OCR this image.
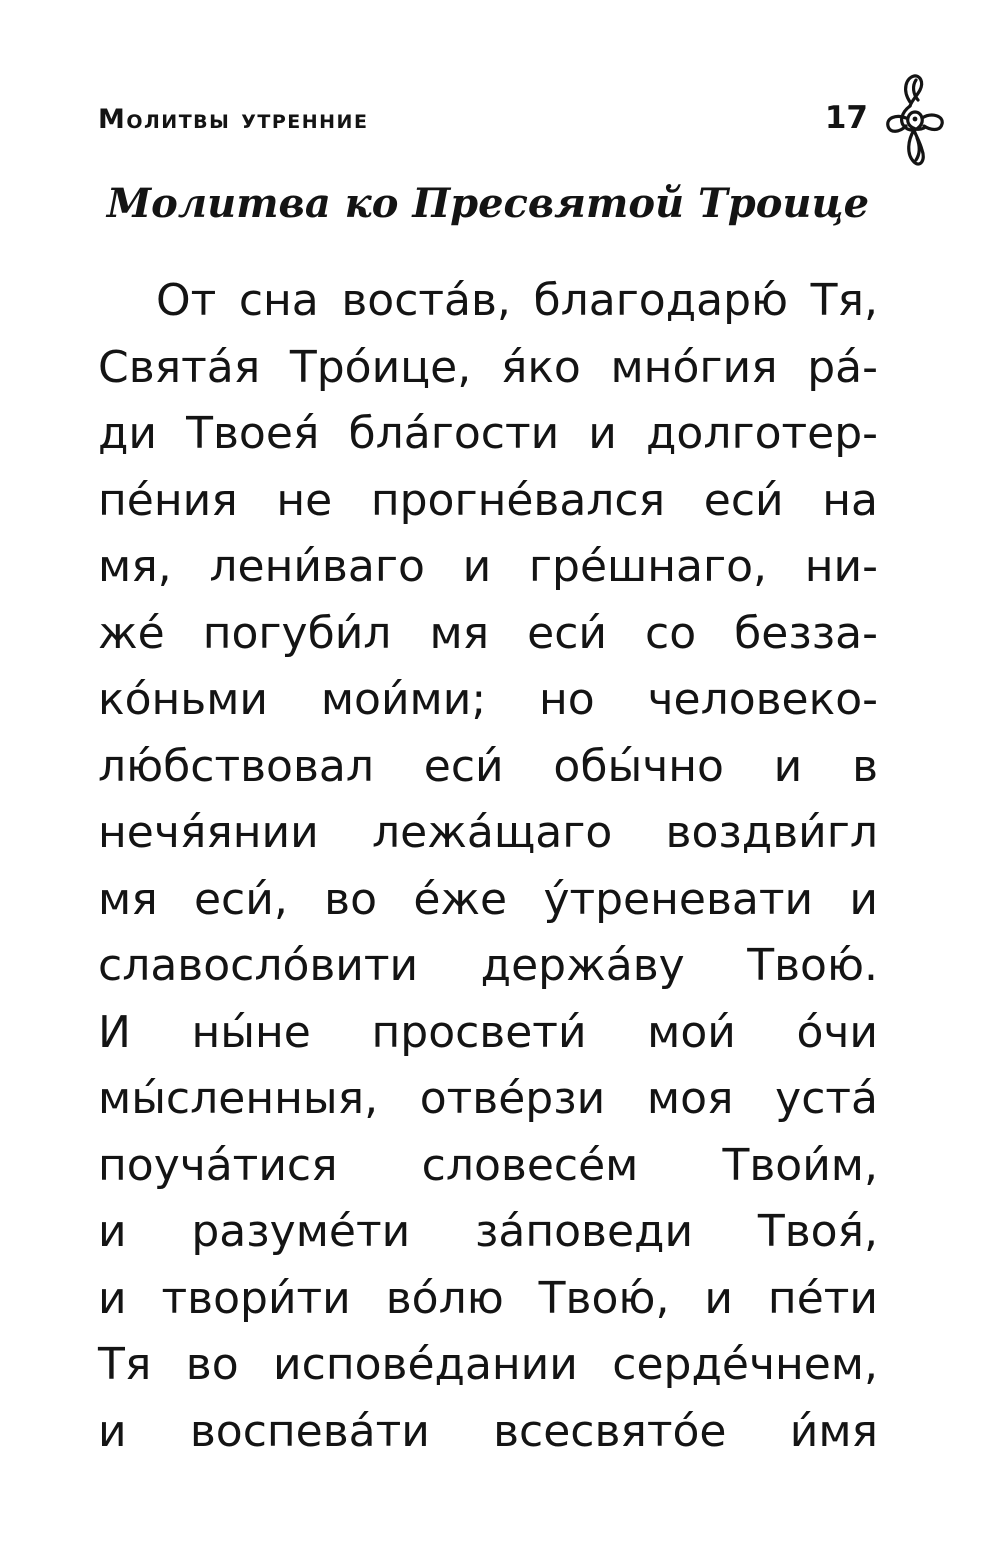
Молитвы утренние	17
Молитва ко Пресвятой Троице
От сна воста́в, благодарю́ Тя,
Свята́я Тро́ице, я́ко мно́гия ра́-
ди Твоея́ бла́гости и долготер-
пе́ния не прогне́вался еси́ на
мя, лени́ваго и гре́шнаго, ни-
же́ погуби́л мя еси́ со безза-
ко́ньми мои́ми; но человеко-
лю́бствовал еси́ обы́чно и в
нечя́янии лежа́щаго воздви́гл
мя еси́, во е́же у́треневати и
славосло́вити держа́ву Твою́.
И ны́не просвети́ мои́ о́чи
мы́сленныя, отве́рзи моя уста́
поуча́тися словесе́м Твои́м,
и разуме́ти за́поведи Твоя́,
и твори́ти во́лю Твою́, и пе́ти
Тя во испове́дании серде́чнем,
и воспева́ти всесвято́е и́мя
